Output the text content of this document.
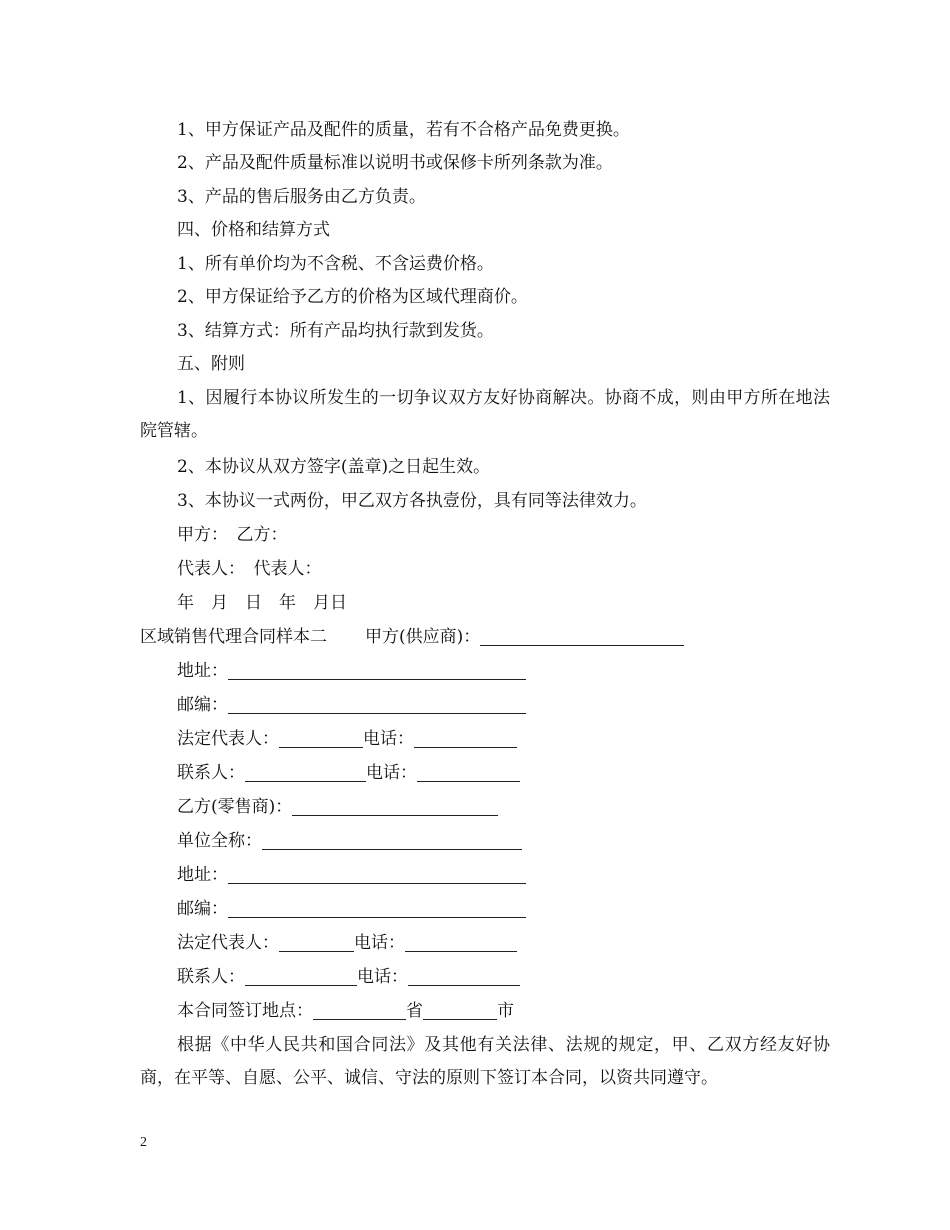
1、甲方保证产品及配件的质量，若有不合格产品免费更换。

2、产品及配件质量标准以说明书或保修卡所列条款为准。

3、产品的售后服务由乙方负责。

四、价格和结算方式

1、所有单价均为不含税、不含运费价格。

2、甲方保证给予乙方的价格为区域代理商价。

3、结算方式：所有产品均执行款到发货。

五、附则

1、因履行本协议所发生的一切争议双方友好协商解决。协商不成，则由甲方所在地法院管辖。

2、本协议从双方签字(盖章)之日起生效。

3、本协议一式两份，甲乙双方各执壹份，具有同等法律效力。

甲方：　乙方：

代表人：　代表人：

年　月　日　年　月日

区域销售代理合同样本二 甲方(供应商)：

地址：

邮编：

法定代表人：	电话：

联系人：	电话：

乙方(零售商)：

单位全称：

地址：

邮编：

法定代表人：	电话：

联系人：	电话：

本合同签订地点：	省	市

根据《中华人民共和国合同法》及其他有关法律、法规的规定，甲、乙双方经友好协商，在平等、自愿、公平、诚信、守法的原则下签订本合同，以资共同遵守。

2
